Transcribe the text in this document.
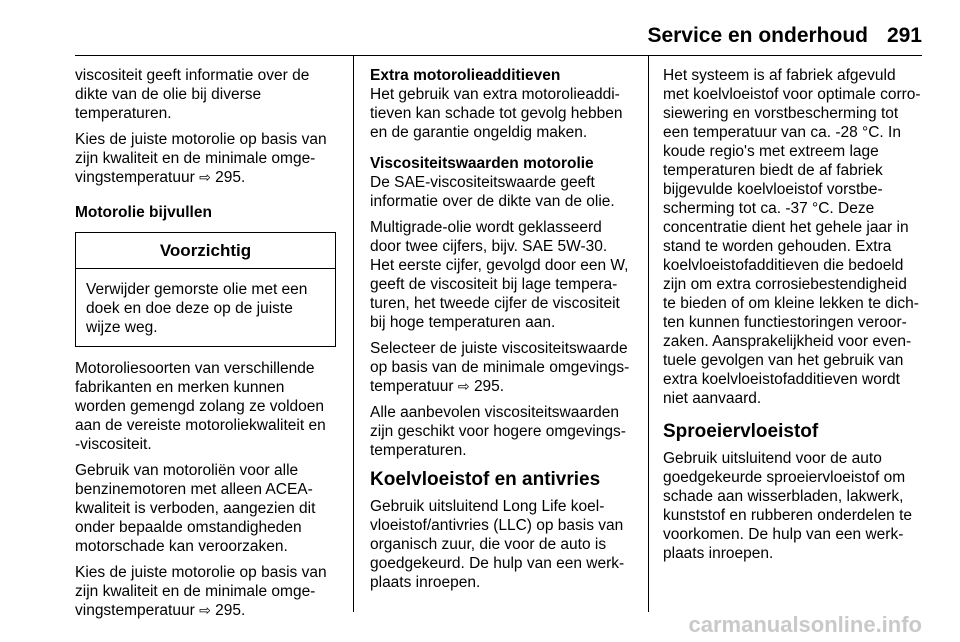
Service en onderhoud 291

viscositeit geeft informatie over de
dikte van de olie bij diverse
temperaturen.

Kies de juiste motorolie op basis van
zijn kwaliteit en de minimale omge-
vingstemperatuur ⇨ 295.

Motorolie bijvullen
Voorzichtig
Verwijder gemorste olie met een
doek en doe deze op de juiste
wijze weg.

Motoroliesoorten van verschillende
fabrikanten en merken kunnen
worden gemengd zolang ze voldoen
aan de vereiste motoroliekwaliteit en
-viscositeit.

Gebruik van motoroliën voor alle
benzinemotoren met alleen ACEA-
kwaliteit is verboden, aangezien dit
onder bepaalde omstandigheden
motorschade kan veroorzaken.

Kies de juiste motorolie op basis van
zijn kwaliteit en de minimale omge-
vingstemperatuur ⇨ 295.

Extra motorolieadditieven

Het gebruik van extra motorolieaddi-
tieven kan schade tot gevolg hebben
en de garantie ongeldig maken.

Viscositeitswaarden motorolie

De SAE-viscositeitswaarde geeft
informatie over de dikte van de olie.

Multigrade-olie wordt geklasseerd
door twee cijfers, bijv. SAE 5W-30.
Het eerste cijfer, gevolgd door een W,
geeft de viscositeit bij lage tempera-
turen, het tweede cijfer de viscositeit
bij hoge temperaturen aan.

Selecteer de juiste viscositeitswaarde
op basis van de minimale omgevings-
temperatuur ⇨ 295.

Alle aanbevolen viscositeitswaarden
zijn geschikt voor hogere omgevings-
temperaturen.

Koelvloeistof en antivries

Gebruik uitsluitend Long Life koel-
vloeistof/antivries (LLC) op basis van
organisch zuur, die voor de auto is
goedgekeurd. De hulp van een werk-
plaats inroepen.

Het systeem is af fabriek afgevuld
met koelvloeistof voor optimale corro-
siewering en vorstbescherming tot
een temperatuur van ca. -28 °C. In
koude regio's met extreem lage
temperaturen biedt de af fabriek
bijgevulde koelvloeistof vorstbe-
scherming tot ca. -37 °C. Deze
concentratie dient het gehele jaar in
stand te worden gehouden. Extra
koelvloeistofadditieven die bedoeld
zijn om extra corrosiebestendigheid
te bieden of om kleine lekken te dich-
ten kunnen functiestoringen veroor-
zaken. Aansprakelijkheid voor even-
tuele gevolgen van het gebruik van
extra koelvloeistofadditieven wordt
niet aanvaard.

Sproeiervloeistof

Gebruik uitsluitend voor de auto
goedgekeurde sproeiervloeistof om
schade aan wisserbladen, lakwerk,
kunststof en rubberen onderdelen te
voorkomen. De hulp van een werk-
plaats inroepen.

carmanualsonline.info
